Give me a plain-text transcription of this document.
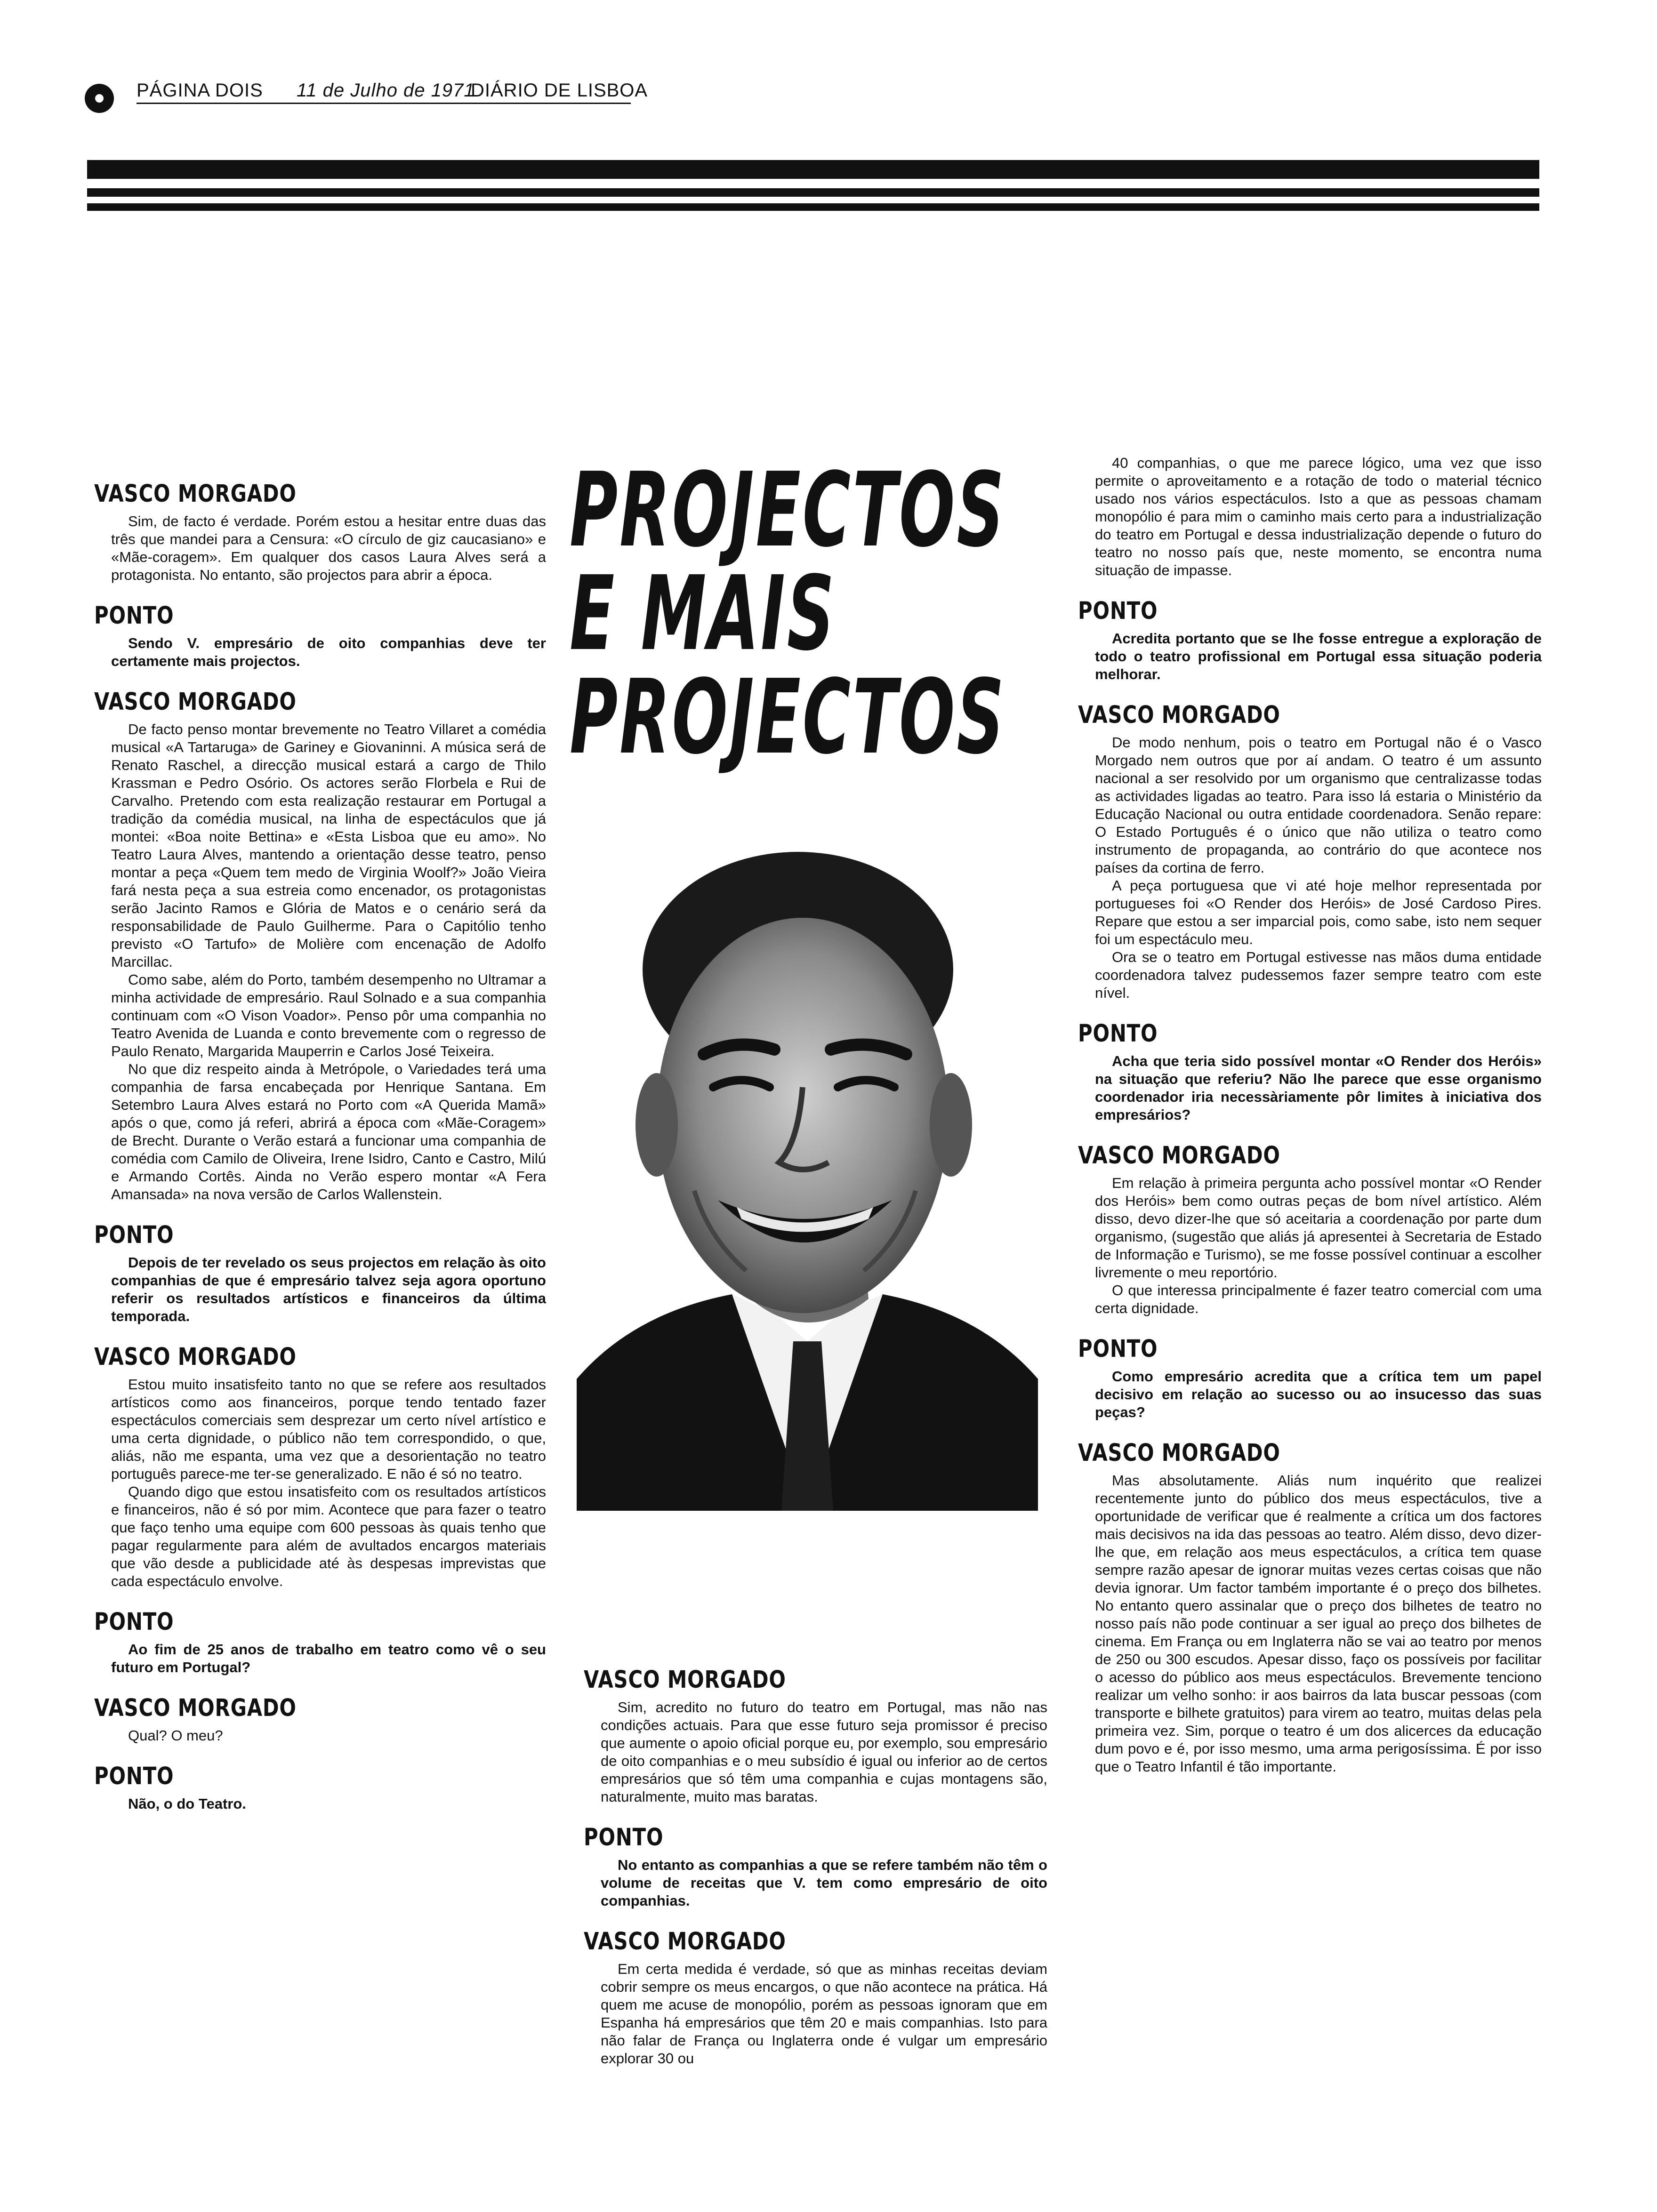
PÁGINA DOIS 11 de Julho de 1971
DIÁRIO DE LISBOA
VASCO MORGADO

Sim, de facto é verdade. Porém estou a hesitar entre duas das três que mandei para a Censura: «O círculo de giz caucasiano» e «Mãe-coragem». Em qualquer dos casos Laura Alves será a protagonista. No entanto, são projectos para abrir a época.

PONTO

Sendo V. empresário de oito companhias deve ter certamente mais projectos.

VASCO MORGADO

De facto penso montar brevemente no Teatro Villaret a comédia musical «A Tartaruga» de Gariney e Giovaninni. A música será de Renato Raschel, a direcção musical estará a cargo de Thilo Krassman e Pedro Osório. Os actores serão Florbela e Rui de Carvalho. Pretendo com esta realização restaurar em Portugal a tradição da comédia musical, na linha de espectáculos que já montei: «Boa noite Bettina» e «Esta Lisboa que eu amo». No Teatro Laura Alves, mantendo a orientação desse teatro, penso montar a peça «Quem tem medo de Virginia Woolf?» João Vieira fará nesta peça a sua estreia como encenador, os protagonistas serão Jacinto Ramos e Glória de Matos e o cenário será da responsabilidade de Paulo Guilherme. Para o Capitólio tenho previsto «O Tartufo» de Molière com encenação de Adolfo Marcillac.

Como sabe, além do Porto, também desempenho no Ultramar a minha actividade de empresário. Raul Solnado e a sua companhia continuam com «O Vison Voador». Penso pôr uma companhia no Teatro Avenida de Luanda e conto brevemente com o regresso de Paulo Renato, Margarida Mauperrin e Carlos José Teixeira.

No que diz respeito ainda à Metrópole, o Variedades terá uma companhia de farsa encabeçada por Henrique Santana. Em Setembro Laura Alves estará no Porto com «A Querida Mamã» após o que, como já referi, abrirá a época com «Mãe-Coragem» de Brecht. Durante o Verão estará a funcionar uma companhia de comédia com Camilo de Oliveira, Irene Isidro, Canto e Castro, Milú e Armando Cortês. Ainda no Verão espero montar «A Fera Amansada» na nova versão de Carlos Wallenstein.

PONTO

Depois de ter revelado os seus projectos em relação às oito companhias de que é empresário talvez seja agora oportuno referir os resultados artísticos e financeiros da última temporada.

VASCO MORGADO

Estou muito insatisfeito tanto no que se refere aos resultados artísticos como aos financeiros, porque tendo tentado fazer espectáculos comerciais sem desprezar um certo nível artístico e uma certa dignidade, o público não tem correspondido, o que, aliás, não me espanta, uma vez que a desorientação no teatro português parece-me ter-se generalizado. E não é só no teatro.

Quando digo que estou insatisfeito com os resultados artísticos e financeiros, não é só por mim. Acontece que para fazer o teatro que faço tenho uma equipe com 600 pessoas às quais tenho que pagar regularmente para além de avultados encargos materiais que vão desde a publicidade até às despesas imprevistas que cada espectáculo envolve.

PONTO

Ao fim de 25 anos de trabalho em teatro como vê o seu futuro em Portugal?

VASCO MORGADO

Qual? O meu?

PONTO

Não, o do Teatro.

PROJECTOS
E MAIS
PROJECTOS
VASCO MORGADO

Sim, acredito no futuro do teatro em Portugal, mas não nas condições actuais. Para que esse futuro seja promissor é preciso que aumente o apoio oficial porque eu, por exemplo, sou empresário de oito companhias e o meu subsídio é igual ou inferior ao de certos empresários que só têm uma companhia e cujas montagens são, naturalmente, muito mas baratas.

PONTO

No entanto as companhias a que se refere também não têm o volume de receitas que V. tem como empresário de oito companhias.

VASCO MORGADO

Em certa medida é verdade, só que as minhas receitas deviam cobrir sempre os meus encargos, o que não acontece na prática. Há quem me acuse de monopólio, porém as pessoas ignoram que em Espanha há empresários que têm 20 e mais companhias. Isto para não falar de França ou Inglaterra onde é vulgar um empresário explorar 30 ou

40 companhias, o que me parece lógico, uma vez que isso permite o aproveitamento e a rotação de todo o material técnico usado nos vários espectáculos. Isto a que as pessoas chamam monopólio é para mim o caminho mais certo para a industrialização do teatro em Portugal e dessa industrialização depende o futuro do teatro no nosso país que, neste momento, se encontra numa situação de impasse.

PONTO

Acredita portanto que se lhe fosse entregue a exploração de todo o teatro profissional em Portugal essa situação poderia melhorar.

VASCO MORGADO

De modo nenhum, pois o teatro em Portugal não é o Vasco Morgado nem outros que por aí andam. O teatro é um assunto nacional a ser resolvido por um organismo que centralizasse todas as actividades ligadas ao teatro. Para isso lá estaria o Ministério da Educação Nacional ou outra entidade coordenadora. Senão repare: O Estado Português é o único que não utiliza o teatro como instrumento de propaganda, ao contrário do que acontece nos países da cortina de ferro.

A peça portuguesa que vi até hoje melhor representada por portugueses foi «O Render dos Heróis» de José Cardoso Pires. Repare que estou a ser imparcial pois, como sabe, isto nem sequer foi um espectáculo meu.

Ora se o teatro em Portugal estivesse nas mãos duma entidade coordenadora talvez pudessemos fazer sempre teatro com este nível.

PONTO

Acha que teria sido possível montar «O Render dos Heróis» na situação que referiu? Não lhe parece que esse organismo coordenador iria necessàriamente pôr limites à iniciativa dos empresários?

VASCO MORGADO

Em relação à primeira pergunta acho possível montar «O Render dos Heróis» bem como outras peças de bom nível artístico. Além disso, devo dizer-lhe que só aceitaria a coordenação por parte dum organismo, (sugestão que aliás já apresentei à Secretaria de Estado de Informação e Turismo), se me fosse possível continuar a escolher livremente o meu reportório.

O que interessa principalmente é fazer teatro comercial com uma certa dignidade.

PONTO

Como empresário acredita que a crítica tem um papel decisivo em relação ao sucesso ou ao insucesso das suas peças?

VASCO MORGADO

Mas absolutamente. Aliás num inquérito que realizei recentemente junto do público dos meus espectáculos, tive a oportunidade de verificar que é realmente a crítica um dos factores mais decisivos na ida das pessoas ao teatro. Além disso, devo dizer-lhe que, em relação aos meus espectáculos, a crítica tem quase sempre razão apesar de ignorar muitas vezes certas coisas que não devia ignorar. Um factor também importante é o preço dos bilhetes. No entanto quero assinalar que o preço dos bilhetes de teatro no nosso país não pode continuar a ser igual ao preço dos bilhetes de cinema. Em França ou em Inglaterra não se vai ao teatro por menos de 250 ou 300 escudos. Apesar disso, faço os possíveis por facilitar o acesso do público aos meus espectáculos. Brevemente tenciono realizar um velho sonho: ir aos bairros da lata buscar pessoas (com transporte e bilhete gratuitos) para virem ao teatro, muitas delas pela primeira vez. Sim, porque o teatro é um dos alicerces da educação dum povo e é, por isso mesmo, uma arma perigosíssima. É por isso que o Teatro Infantil é tão importante.
